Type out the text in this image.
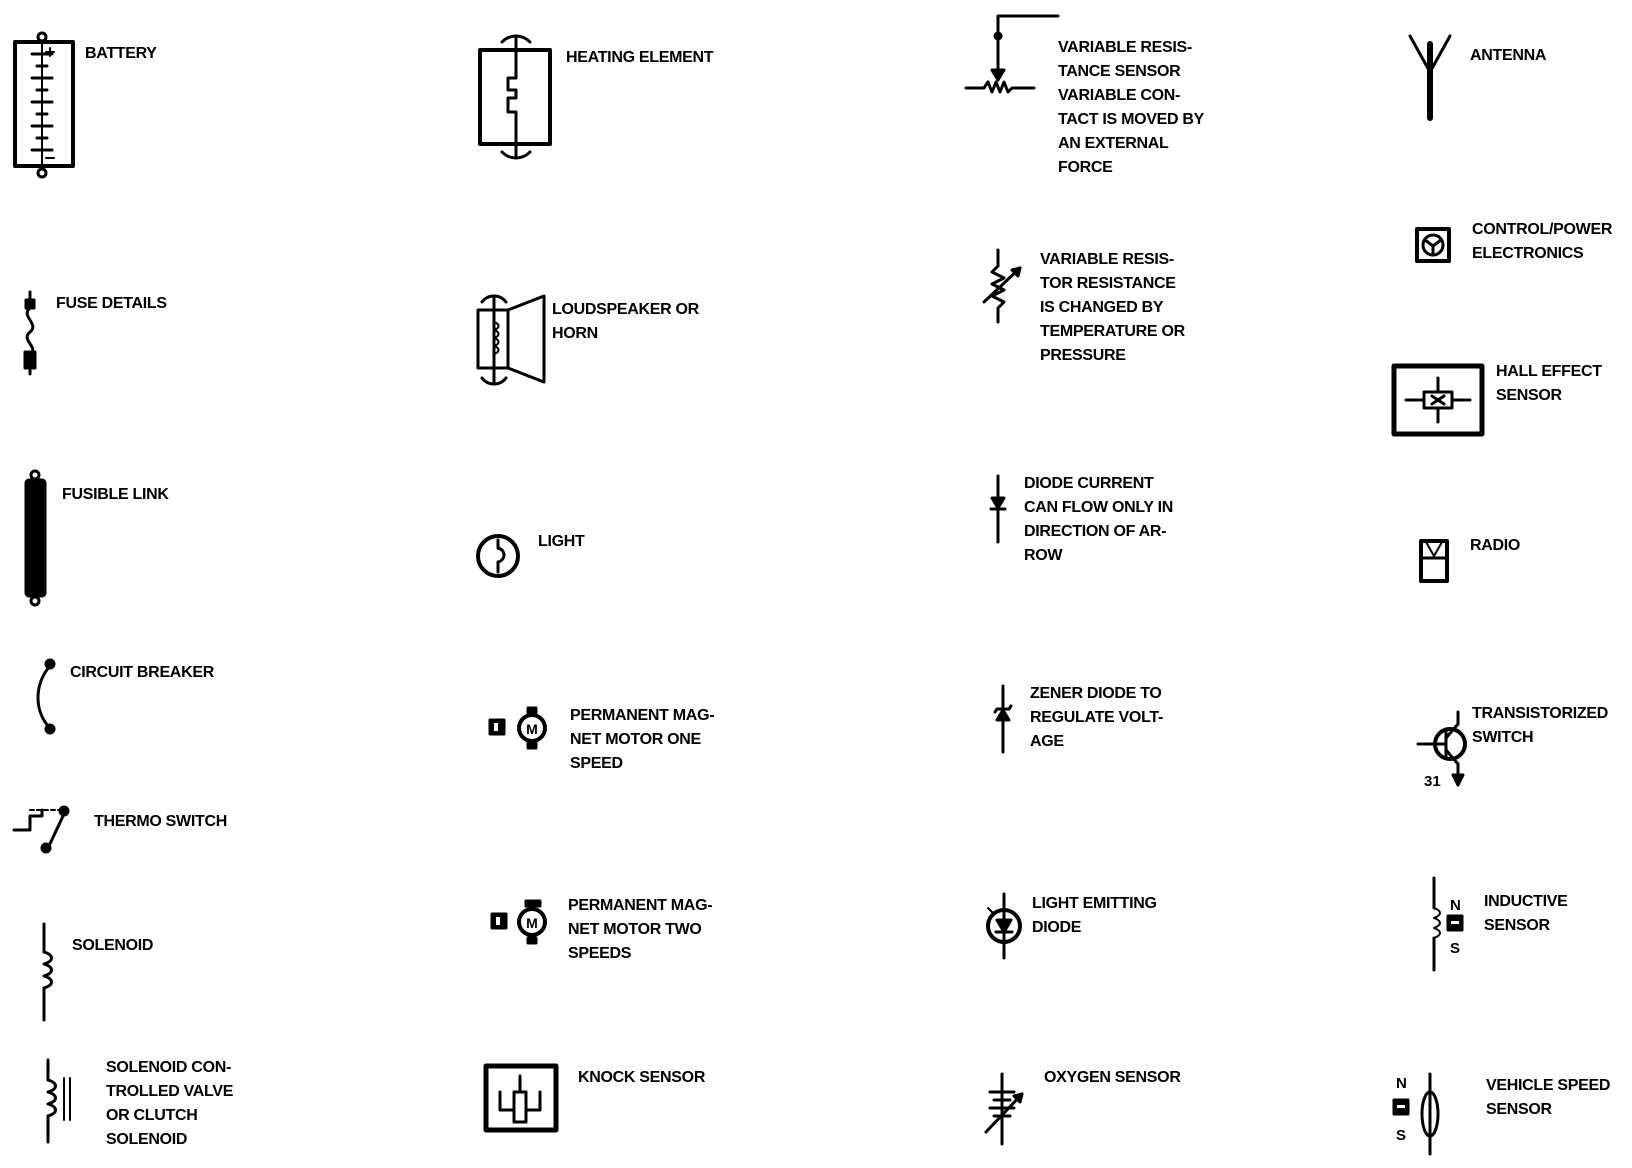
BATTERY
FUSE DETAILS
FUSIBLE LINK
CIRCUIT BREAKER
THERMO SWITCH
SOLENOID
SOLENOID CON-
TROLLED VALVE
OR CLUTCH
SOLENOID
HEATING ELEMENT
LOUDSPEAKER OR
HORN
LIGHT
M
PERMANENT MAG-
NET MOTOR ONE
SPEED
M
PERMANENT MAG-
NET MOTOR TWO
SPEEDS
KNOCK SENSOR
VARIABLE RESIS-
TANCE SENSOR
VARIABLE CON-
TACT IS MOVED BY
AN EXTERNAL
FORCE
VARIABLE RESIS-
TOR RESISTANCE
IS CHANGED BY
TEMPERATURE OR
PRESSURE
DIODE CURRENT
CAN FLOW ONLY IN
DIRECTION OF AR-
ROW
ZENER DIODE TO
REGULATE VOLT-
AGE
LIGHT EMITTING
DIODE
OXYGEN SENSOR
ANTENNA
CONTROL/POWER
ELECTRONICS
HALL EFFECT
SENSOR
RADIO
31
TRANSISTORIZED
SWITCH
N
S
INDUCTIVE
SENSOR
N
S
VEHICLE SPEED
SENSOR
